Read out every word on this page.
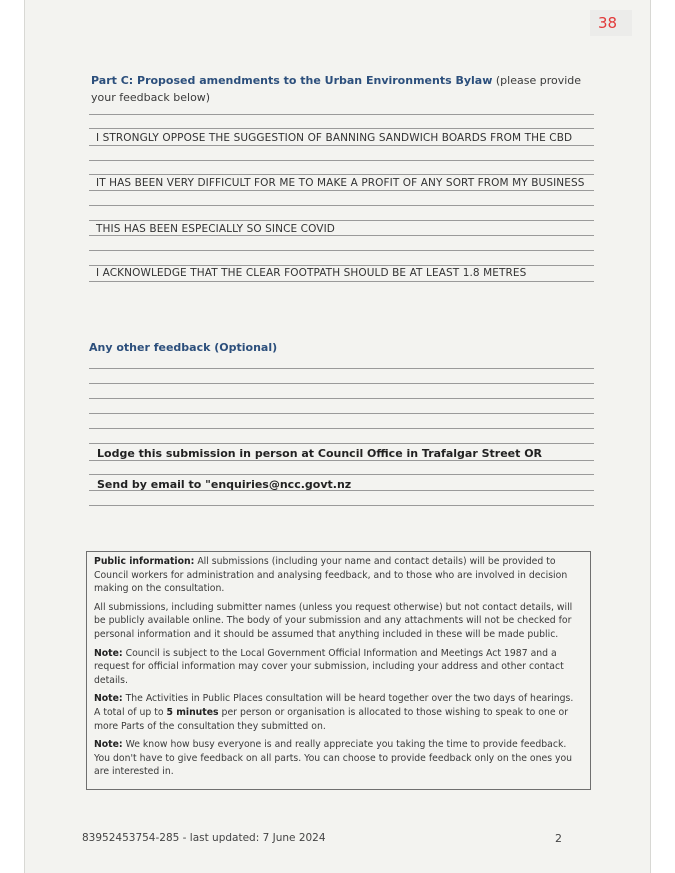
38
Part C: Proposed amendments to the Urban Environments Bylaw (please provide your feedback below)
I STRONGLY OPPOSE THE SUGGESTION OF BANNING SANDWICH BOARDS FROM THE CBD
IT HAS BEEN VERY DIFFICULT FOR ME TO MAKE A PROFIT OF ANY SORT FROM MY BUSINESS
THIS HAS BEEN ESPECIALLY SO SINCE COVID
I ACKNOWLEDGE THAT THE CLEAR FOOTPATH SHOULD BE AT LEAST 1.8 METRES
Any other feedback (Optional)
Lodge this submission in person at Council Office in Trafalgar Street OR
Send by email to "enquiries@ncc.govt.nz

Public information: All submissions (including your name and contact details) will be provided to Council workers for administration and analysing feedback, and to those who are involved in decision making on the consultation.

All submissions, including submitter names (unless you request otherwise) but not contact details, will be publicly available online. The body of your submission and any attachments will not be checked for personal information and it should be assumed that anything included in these will be made public.

Note: Council is subject to the Local Government Official Information and Meetings Act 1987 and a request for official information may cover your submission, including your address and other contact details.

Note: The Activities in Public Places consultation will be heard together over the two days of hearings. A total of up to 5 minutes per person or organisation is allocated to those wishing to speak to one or more Parts of the consultation they submitted on.

Note: We know how busy everyone is and really appreciate you taking the time to provide feedback. You don't have to give feedback on all parts. You can choose to provide feedback only on the ones you are interested in.

83952453754-285 - last updated: 7 June 2024	2
